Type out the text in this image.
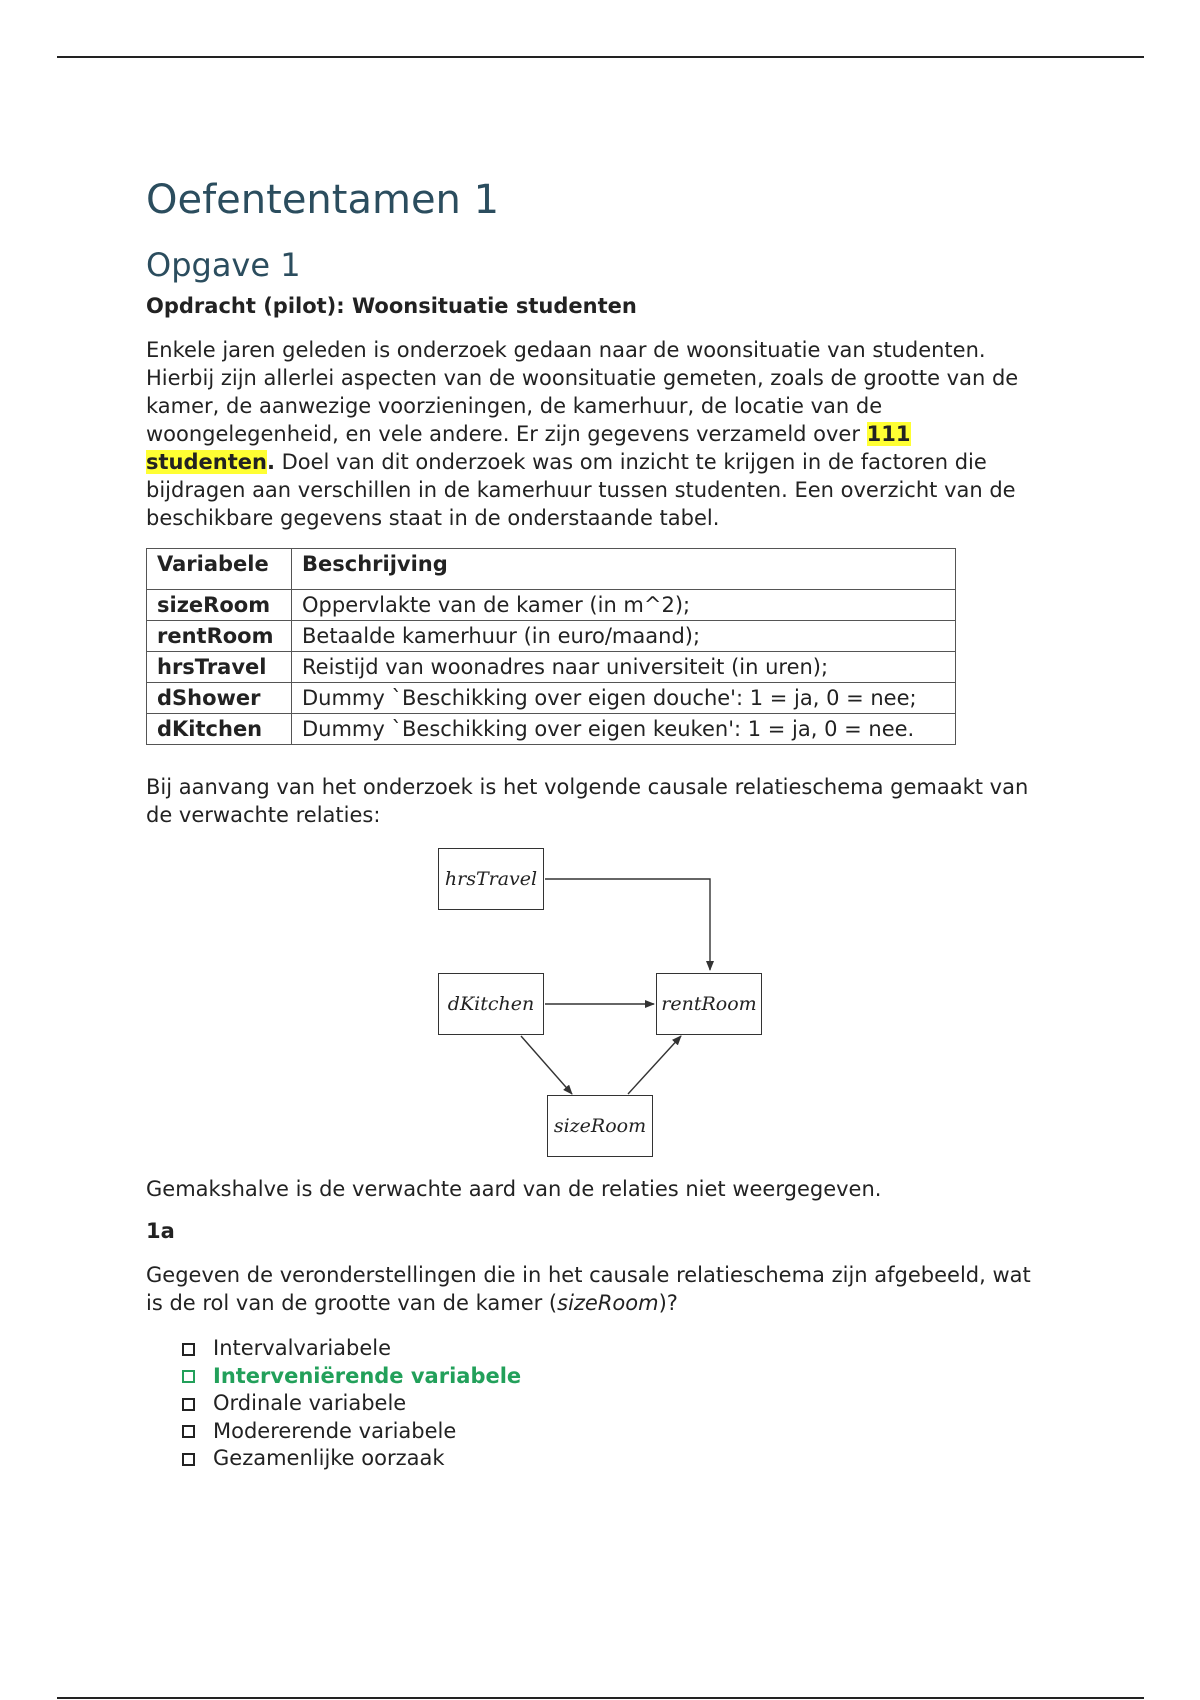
Oefententamen 1
Opgave 1
Opdracht (pilot): Woonsituatie studenten

Enkele jaren geleden is onderzoek gedaan naar de woonsituatie van studenten. Hierbij zijn allerlei aspecten van de woonsituatie gemeten, zoals de grootte van de kamer, de aanwezige voorzieningen, de kamerhuur, de locatie van de woongelegenheid, en vele andere. Er zijn gegevens verzameld over 111 studenten. Doel van dit onderzoek was om inzicht te krijgen in de factoren die bijdragen aan verschillen in de kamerhuur tussen studenten. Een overzicht van de beschikbare gegevens staat in de onderstaande tabel.

Variabele	Beschrijving
sizeRoom	Oppervlakte van de kamer (in m^2);
rentRoom	Betaalde kamerhuur (in euro/maand);
hrsTravel	Reistijd van woonadres naar universiteit (in uren);
dShower	Dummy `Beschikking over eigen douche': 1 = ja, 0 = nee;
dKitchen	Dummy `Beschikking over eigen keuken': 1 = ja, 0 = nee.

Bij aanvang van het onderzoek is het volgende causale relatieschema gemaakt van de verwachte relaties:

hrsTravel
dKitchen	rentRoom
sizeRoom

Gemakshalve is de verwachte aard van de relaties niet weergegeven.

1a

Gegeven de veronderstellingen die in het causale relatieschema zijn afgebeeld, wat is de rol van de grootte van de kamer (sizeRoom)?

Intervalvariabele
Interveniërende variabele
Ordinale variabele
Modererende variabele
Gezamenlijke oorzaak
